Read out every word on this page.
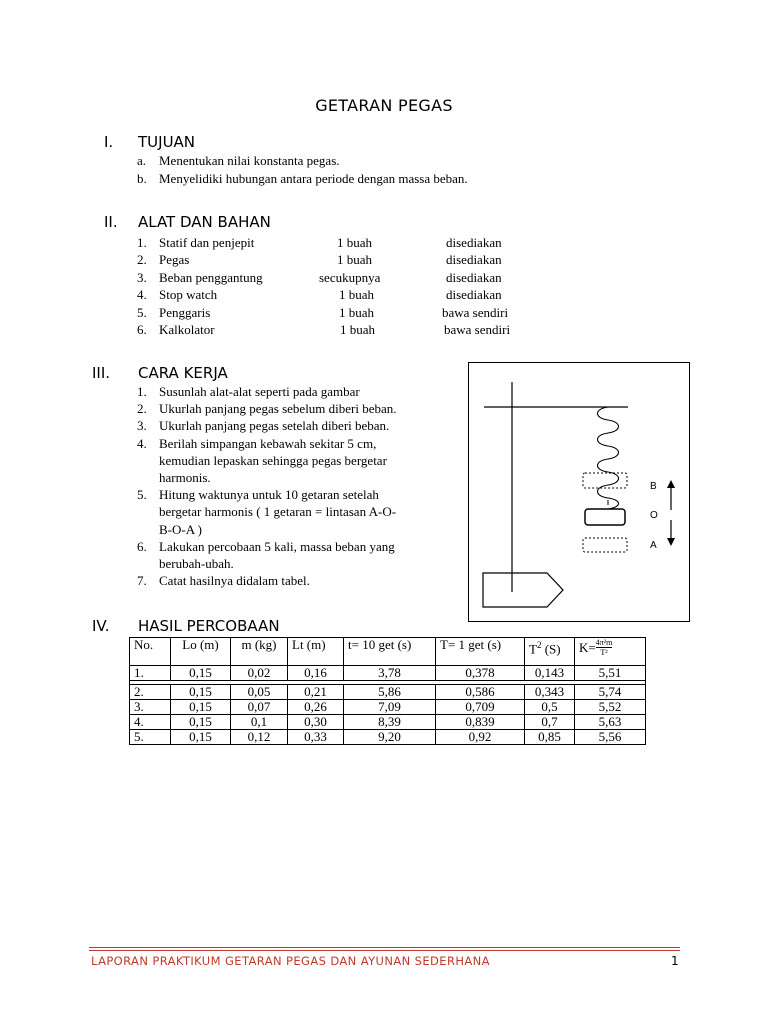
GETARAN PEGAS
I. TUJUAN
a. Menentukan nilai konstanta pegas.
b. Menyelidiki hubungan antara periode dengan massa beban.
II. ALAT DAN BAHAN
1. Statif dan penjepit	1 buah	disediakan
2. Pegas	1 buah	disediakan
3. Beban penggantung	secukupnya	disediakan
4. Stop watch	1 buah	disediakan
5. Penggaris	1 buah	bawa sendiri
6. Kalkolator	1 buah	bawa sendiri
III. CARA KERJA
1. Susunlah alat-alat seperti pada gambar
2. Ukurlah panjang pegas sebelum diberi beban.
3. Ukurlah panjang pegas setelah diberi beban.
4. Berilah simpangan kebawah sekitar 5 cm,
kemudian lepaskan sehingga pegas bergetar
harmonis.
5. Hitung waktunya untuk 10 getaran setelah
bergetar harmonis ( 1 getaran = lintasan A-O-
B-O-A )
6. Lakukan percobaan 5 kali, massa beban yang
berubah-ubah.
7. Catat hasilnya didalam tabel.
B
O
A
IV. HASIL PERCOBAAN
No.	Lo (m)	m (kg)	Lt (m)	t= 10 get (s)	T= 1 get (s)	$T^2$ (S)	$K= \frac{\text{4π²m}}{\text{T²}}$

1.	0,15	0,02	0,16	3,78	0,378	0,143	5,51

2.	0,15	0,05	0,21	5,86	0,586	0,343	5,74
3.	0,15	0,07	0,26	7,09	0,709	0,5	5,52
4.	0,15	0,1	0,30	8,39	0,839	0,7	5,63
5.	0,15	0,12	0,33	9,20	0,92	0,85	5,56
LAPORAN PRAKTIKUM GETARAN PEGAS DAN AYUNAN SEDERHANA	1
